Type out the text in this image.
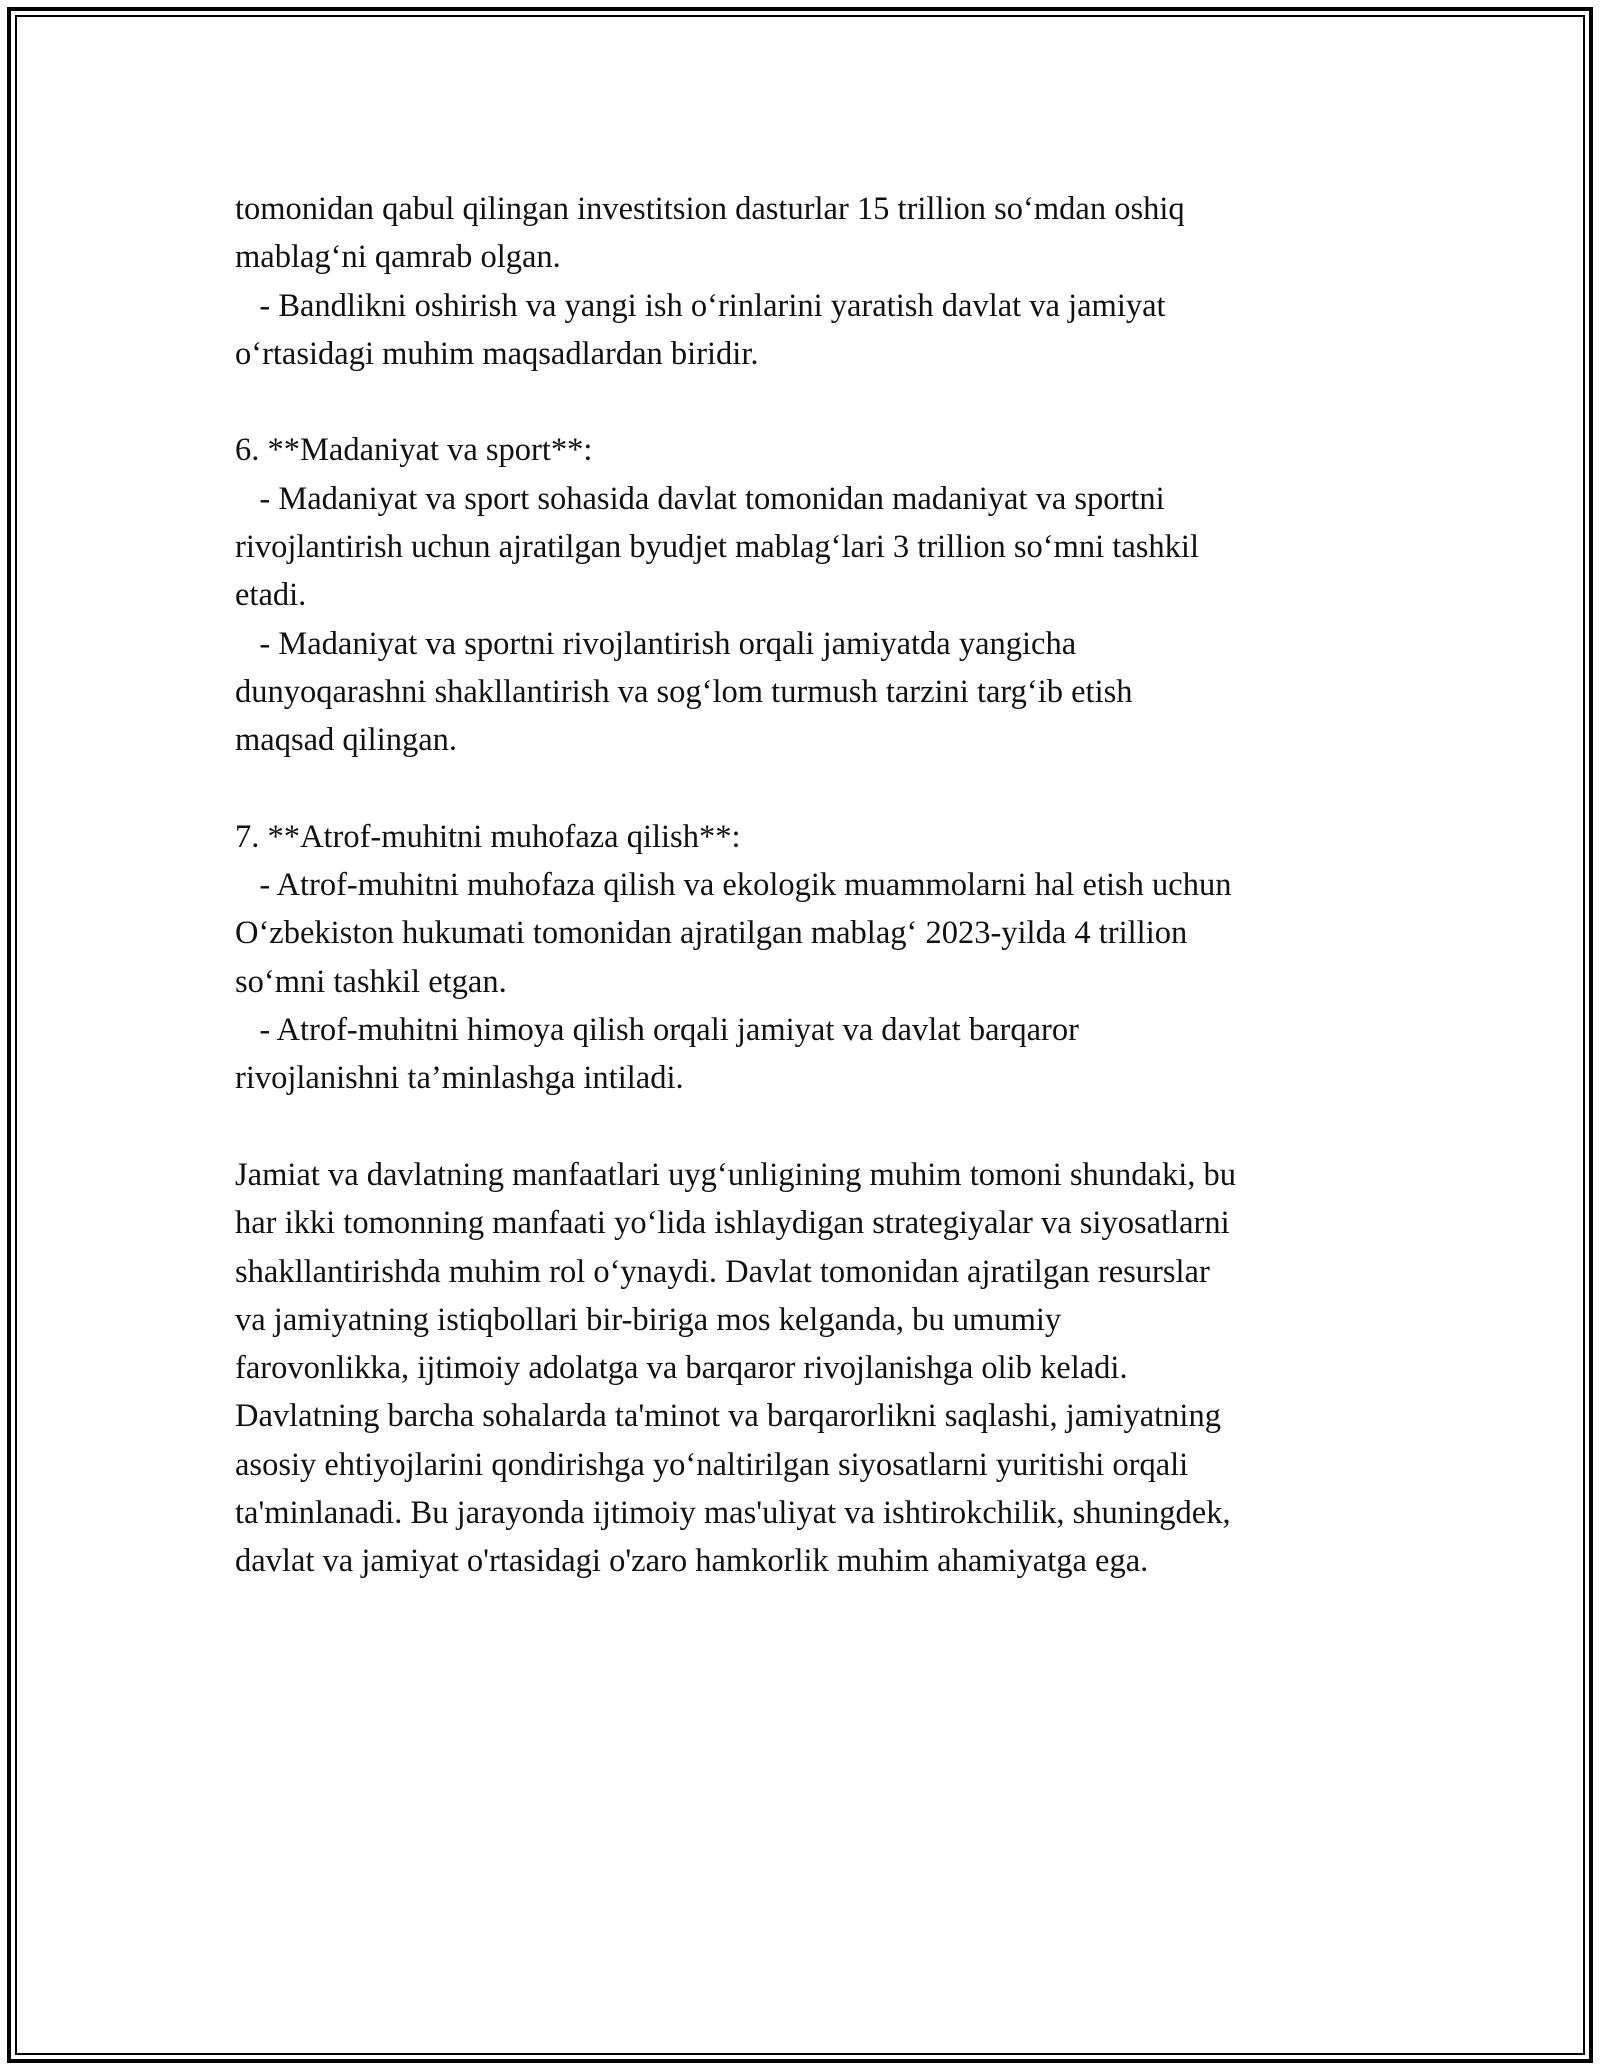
tomonidan qabul qilingan investitsion dasturlar 15 trillion so‘mdan oshiq
mablag‘ni qamrab olgan.
- Bandlikni oshirish va yangi ish o‘rinlarini yaratish davlat va jamiyat
o‘rtasidagi muhim maqsadlardan biridir.
6. **Madaniyat va sport**:
- Madaniyat va sport sohasida davlat tomonidan madaniyat va sportni
rivojlantirish uchun ajratilgan byudjet mablag‘lari 3 trillion so‘mni tashkil
etadi.
- Madaniyat va sportni rivojlantirish orqali jamiyatda yangicha
dunyoqarashni shakllantirish va sog‘lom turmush tarzini targ‘ib etish
maqsad qilingan.
7. **Atrof-muhitni muhofaza qilish**:
- Atrof-muhitni muhofaza qilish va ekologik muammolarni hal etish uchun
O‘zbekiston hukumati tomonidan ajratilgan mablag‘ 2023-yilda 4 trillion
so‘mni tashkil etgan.
- Atrof-muhitni himoya qilish orqali jamiyat va davlat barqaror
rivojlanishni ta’minlashga intiladi.
Jamiat va davlatning manfaatlari uyg‘unligining muhim tomoni shundaki, bu
har ikki tomonning manfaati yo‘lida ishlaydigan strategiyalar va siyosatlarni
shakllantirishda muhim rol o‘ynaydi. Davlat tomonidan ajratilgan resurslar
va jamiyatning istiqbollari bir-biriga mos kelganda, bu umumiy
farovonlikka, ijtimoiy adolatga va barqaror rivojlanishga olib keladi.
Davlatning barcha sohalarda ta'minot va barqarorlikni saqlashi, jamiyatning
asosiy ehtiyojlarini qondirishga yo‘naltirilgan siyosatlarni yuritishi orqali
ta'minlanadi. Bu jarayonda ijtimoiy mas'uliyat va ishtirokchilik, shuningdek,
davlat va jamiyat o'rtasidagi o'zaro hamkorlik muhim ahamiyatga ega.
